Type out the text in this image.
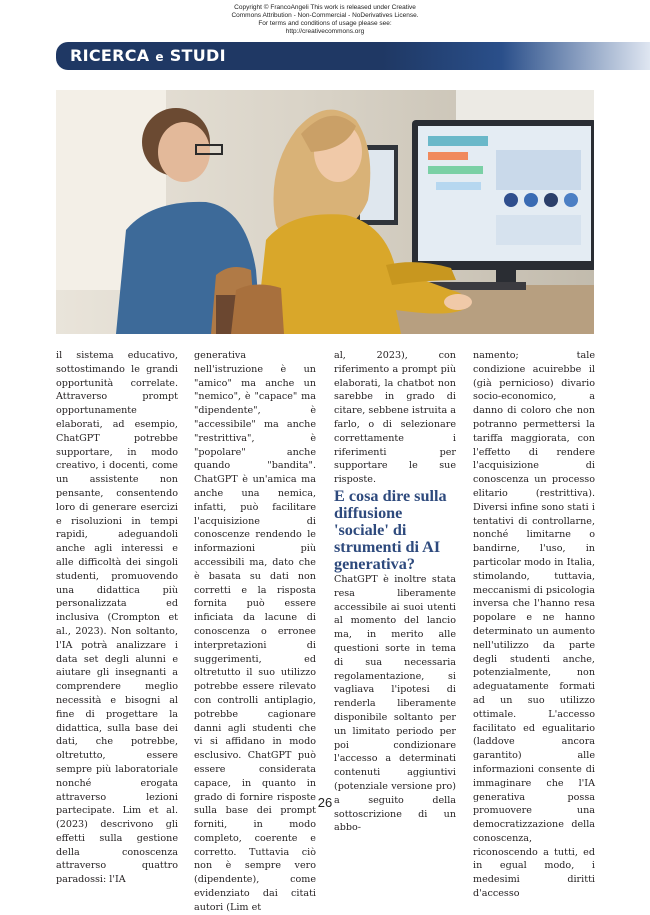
Copyright © FrancoAngeli This work is released under Creative
Commons Attribution - Non-Commercial - NoDerivatives License.
For terms and conditions of usage please see:
http://creativecommons.org
RICERCA e STUDI

il sistema educativo, sottostimando le grandi opportunità correlate. Attraverso prompt opportunamente elaborati, ad esempio, ChatGPT potrebbe supportare, in modo creativo, i docenti, come un assistente non pensante, consentendo loro di generare esercizi e risoluzioni in tempi rapidi, adeguandoli anche agli interessi e alle difficoltà dei singoli studenti, promuovendo una didattica più personalizzata ed inclusiva (Crompton et al., 2023). Non soltanto, l'IA potrà analizzare i data set degli alunni e aiutare gli insegnanti a comprendere meglio necessità e bisogni al fine di progettare la didattica, sulla base dei dati, che potrebbe, oltretutto, essere sempre più laboratoriale nonché erogata attraverso lezioni partecipate. Lim et al. (2023) descrivono gli effetti sulla gestione della conoscenza attraverso quattro paradossi: l'IA

generativa nell'istruzione è un "amico" ma anche un "nemico", è "capace" ma "dipendente", è "accessibile" ma anche "restrittiva", è "popolare" anche quando "bandita". ChatGPT è un'amica ma anche una nemica, infatti, può facilitare l'acquisizione di conoscenze rendendo le informazioni più accessibili ma, dato che è basata su dati non corretti e la risposta fornita può essere inficiata da lacune di conoscenza o erronee interpretazioni di suggerimenti, ed oltretutto il suo utilizzo potrebbe essere rilevato con controlli antiplagio, potrebbe cagionare danni agli studenti che vi si affidano in modo esclusivo. ChatGPT può essere considerata capace, in quanto in grado di fornire risposte sulla base dei prompt forniti, in modo completo, coerente e corretto. Tuttavia ciò non è sempre vero (dipendente), come evidenziato dai citati autori (Lim et

al, 2023), con riferimento a prompt più elaborati, la chatbot non sarebbe in grado di citare, sebbene istruita a farlo, o di selezionare correttamente i riferimenti per supportare le sue risposte.

E cosa dire sulla diffusione 'sociale' di strumenti di AI generativa?

ChatGPT è inoltre stata resa liberamente accessibile ai suoi utenti al momento del lancio ma, in merito alle questioni sorte in tema di sua necessaria regolamentazione, si vagliava l'ipotesi di renderla liberamente disponibile soltanto per un limitato periodo per poi condizionare l'accesso a determinati contenuti aggiuntivi (potenziale versione pro) a seguito della sottoscrizione di un abbo-

namento; tale condizione acuirebbe il (già pernicioso) divario socio-economico, a danno di coloro che non potranno permettersi la tariffa maggiorata, con l'effetto di rendere l'acquisizione di conoscenza un processo elitario (restrittiva). Diversi infine sono stati i tentativi di controllarne, nonché limitarne o bandirne, l'uso, in particolar modo in Italia, stimolando, tuttavia, meccanismi di psicologia inversa che l'hanno resa popolare e ne hanno determinato un aumento nell'utilizzo da parte degli studenti anche, potenzialmente, non adeguatamente formati ad un suo utilizzo ottimale. L'accesso facilitato ed egualitario (laddove ancora garantito) alle informazioni consente di immaginare che l'IA generativa possa promuovere una democratizzazione della conoscenza, riconoscendo a tutti, ed in egual modo, i medesimi diritti d'accesso

26
